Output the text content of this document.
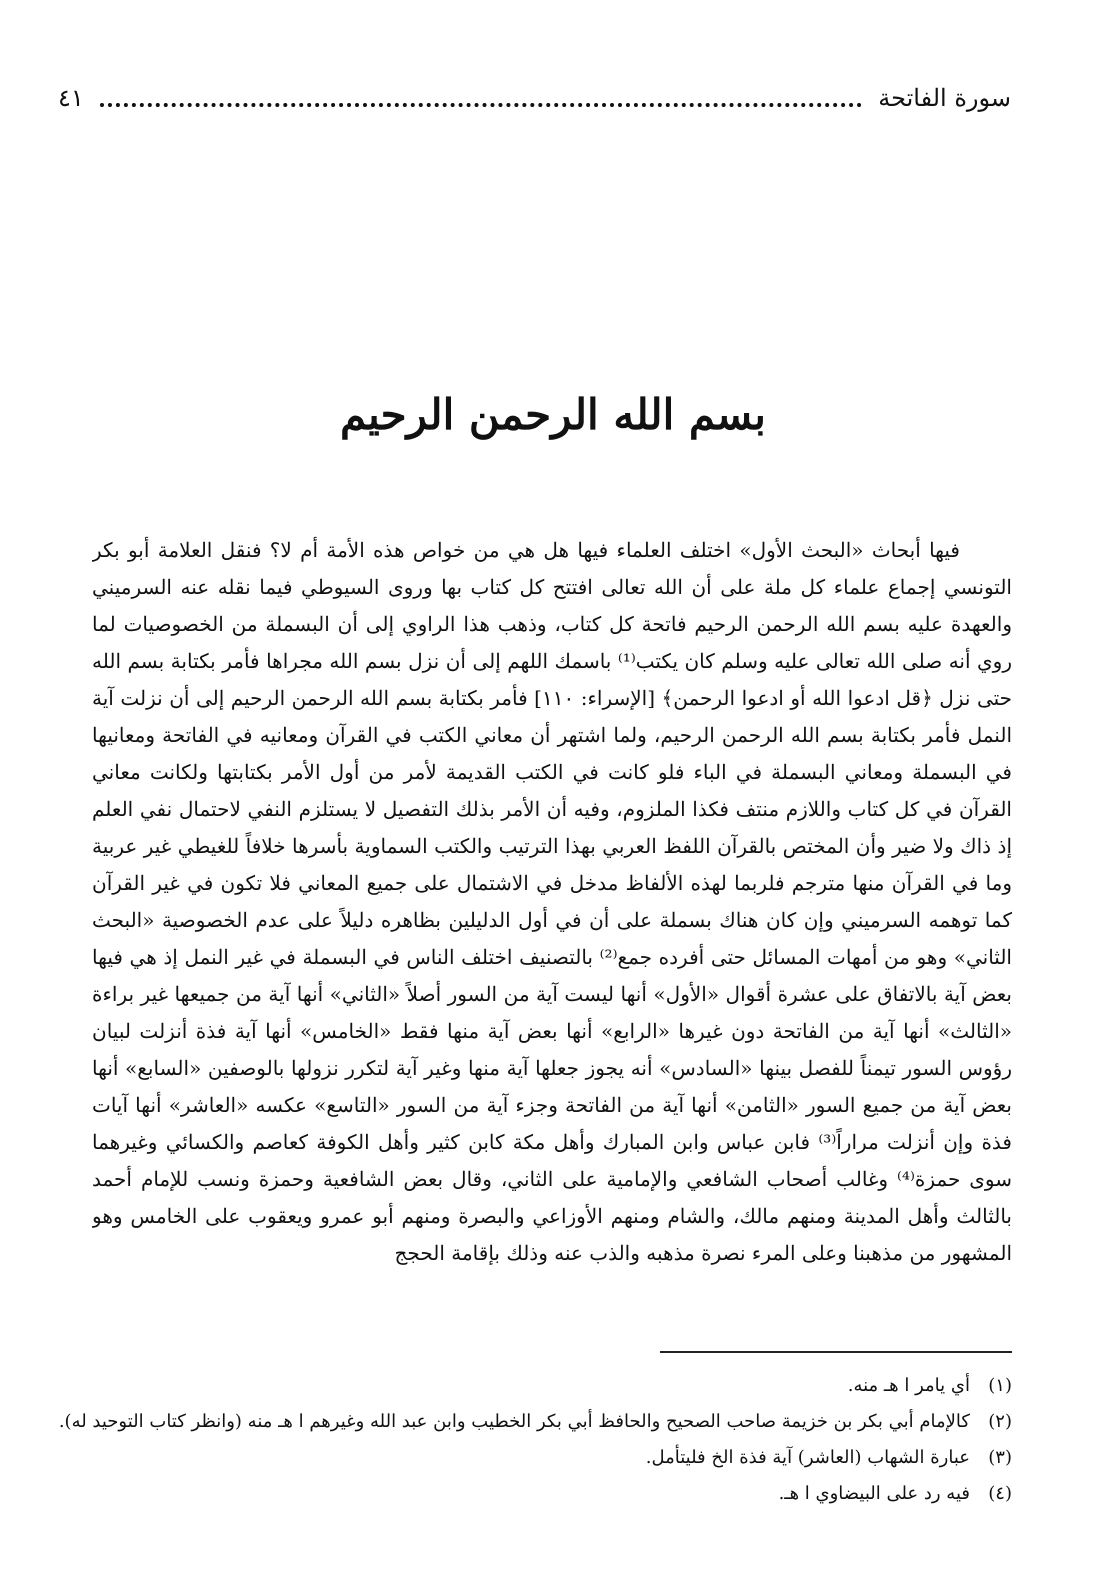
سورة الفاتحة
٤١
بسم الله الرحمن الرحيم

فيها أبحاث «البحث الأول» اختلف العلماء فيها هل هي من خواص هذه الأمة أم لا؟ فنقل العلامة أبو بكر التونسي إجماع علماء كل ملة على أن الله تعالى افتتح كل كتاب بها وروى السيوطي فيما نقله عنه السرميني والعهدة عليه بسم الله الرحمن الرحيم فاتحة كل كتاب، وذهب هذا الراوي إلى أن البسملة من الخصوصيات لما روي أنه صلى الله تعالى عليه وسلم كان يكتب⁽¹⁾ باسمك اللهم إلى أن نزل بسم الله مجراها فأمر بكتابة بسم الله حتى نزل ﴿قل ادعوا الله أو ادعوا الرحمن﴾ [الإسراء: ١١٠] فأمر بكتابة بسم الله الرحمن الرحيم إلى أن نزلت آية النمل فأمر بكتابة بسم الله الرحمن الرحيم، ولما اشتهر أن معاني الكتب في القرآن ومعانيه في الفاتحة ومعانيها في البسملة ومعاني البسملة في الباء فلو كانت في الكتب القديمة لأمر من أول الأمر بكتابتها ولكانت معاني القرآن في كل كتاب واللازم منتف فكذا الملزوم، وفيه أن الأمر بذلك التفصيل لا يستلزم النفي لاحتمال نفي العلم إذ ذاك ولا ضير وأن المختص بالقرآن اللفظ العربي بهذا الترتيب والكتب السماوية بأسرها خلافاً للغيطي غير عربية وما في القرآن منها مترجم فلربما لهذه الألفاظ مدخل في الاشتمال على جميع المعاني فلا تكون في غير القرآن كما توهمه السرميني وإن كان هناك بسملة على أن في أول الدليلين بظاهره دليلاً على عدم الخصوصية «البحث الثاني» وهو من أمهات المسائل حتى أفرده جمع⁽²⁾ بالتصنيف اختلف الناس في البسملة في غير النمل إذ هي فيها بعض آية بالاتفاق على عشرة أقوال «الأول» أنها ليست آية من السور أصلاً «الثاني» أنها آية من جميعها غير براءة «الثالث» أنها آية من الفاتحة دون غيرها «الرابع» أنها بعض آية منها فقط «الخامس» أنها آية فذة أنزلت لبيان رؤوس السور تيمناً للفصل بينها «السادس» أنه يجوز جعلها آية منها وغير آية لتكرر نزولها بالوصفين «السابع» أنها بعض آية من جميع السور «الثامن» أنها آية من الفاتحة وجزء آية من السور «التاسع» عكسه «العاشر» أنها آيات فذة وإن أنزلت مراراً⁽³⁾ فابن عباس وابن المبارك وأهل مكة كابن كثير وأهل الكوفة كعاصم والكسائي وغيرهما سوى حمزة⁽⁴⁾ وغالب أصحاب الشافعي والإمامية على الثاني، وقال بعض الشافعية وحمزة ونسب للإمام أحمد بالثالث وأهل المدينة ومنهم مالك، والشام ومنهم الأوزاعي والبصرة ومنهم أبو عمرو ويعقوب على الخامس وهو المشهور من مذهبنا وعلى المرء نصرة مذهبه والذب عنه وذلك بإقامة الحجج

(١)
أي يامر ا هـ منه.
(٢)
كالإمام أبي بكر بن خزيمة صاحب الصحيح والحافظ أبي بكر الخطيب وابن عبد الله وغيرهم ا هـ منه (وانظر كتاب التوحيد له).
(٣)
عبارة الشهاب (العاشر) آية فذة الخ فليتأمل.
(٤)
فيه رد على البيضاوي ا هـ.
